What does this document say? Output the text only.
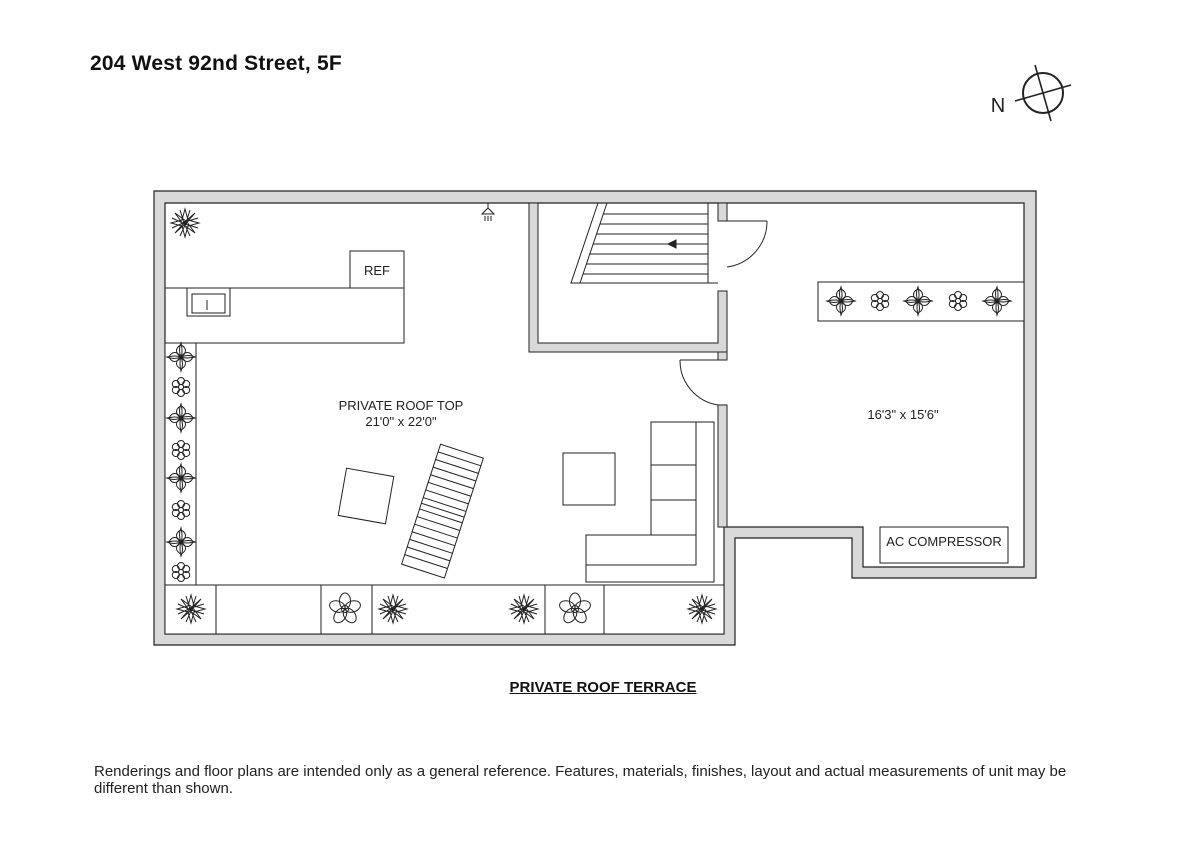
204 West 92nd Street, 5F
N
REF
AC COMPRESSOR
PRIVATE ROOF TOP
21'0" x 22'0"	16'3" x 15'6"
PRIVATE ROOF TERRACE
Renderings and floor plans are intended only as a general reference. Features, materials, finishes, layout and actual measurements of unit may be different than shown.
